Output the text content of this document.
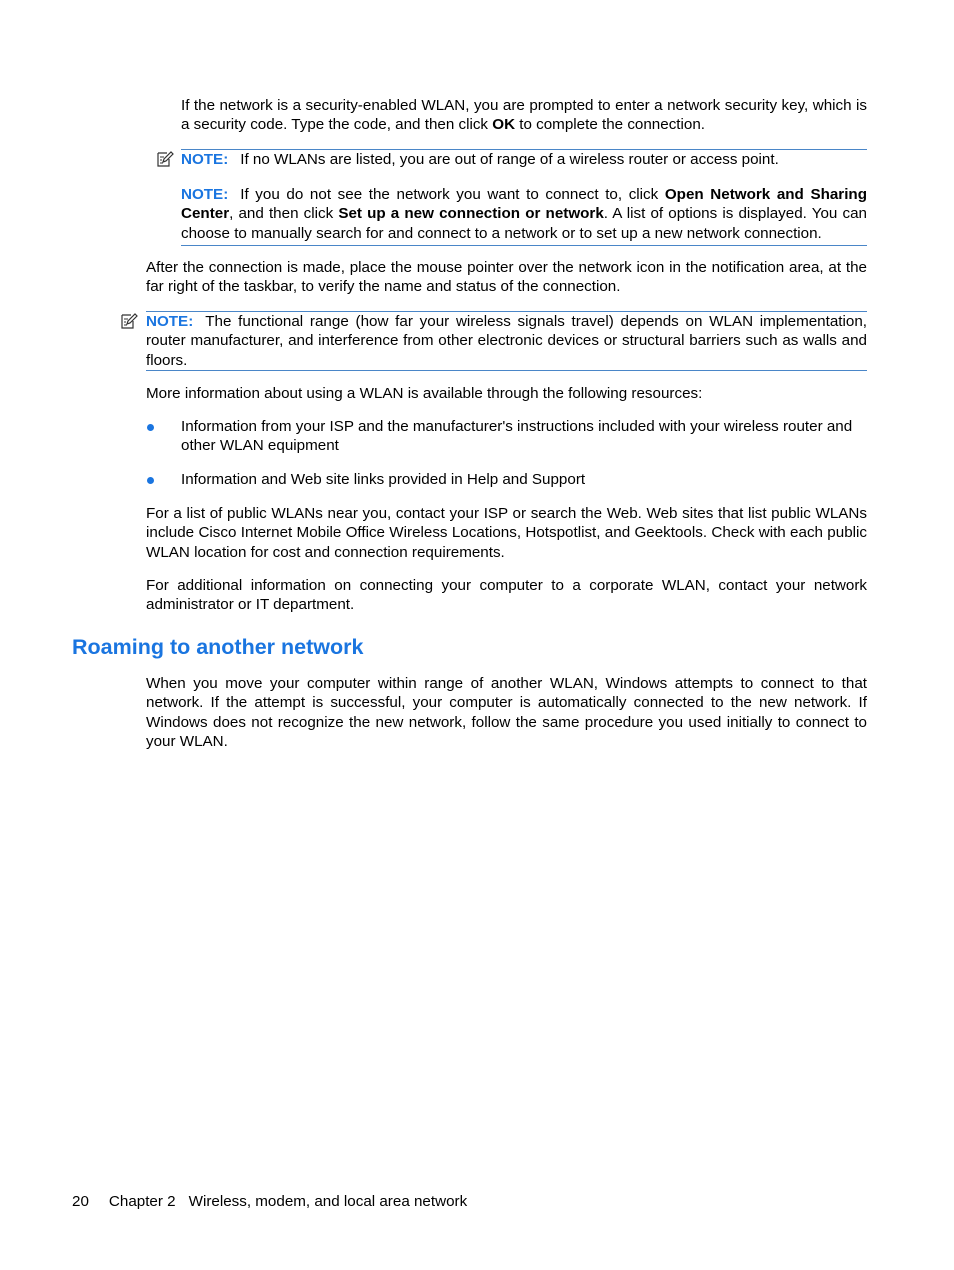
If the network is a security-enabled WLAN, you are prompted to enter a network security key, which is a security code. Type the code, and then click OK to complete the connection.

NOTE: If no WLANs are listed, you are out of range of a wireless router or access point.
NOTE: If you do not see the network you want to connect to, click Open Network and Sharing Center, and then click Set up a new connection or network. A list of options is displayed. You can choose to manually search for and connect to a network or to set up a new network connection.

After the connection is made, place the mouse pointer over the network icon in the notification area, at the far right of the taskbar, to verify the name and status of the connection.

NOTE: The functional range (how far your wireless signals travel) depends on WLAN implementation, router manufacturer, and interference from other electronic devices or structural barriers such as walls and floors.

More information about using a WLAN is available through the following resources:

Information from your ISP and the manufacturer's instructions included with your wireless router and other WLAN equipment

Information and Web site links provided in Help and Support

For a list of public WLANs near you, contact your ISP or search the Web. Web sites that list public WLANs include Cisco Internet Mobile Office Wireless Locations, Hotspotlist, and Geektools. Check with each public WLAN location for cost and connection requirements.

For additional information on connecting your computer to a corporate WLAN, contact your network administrator or IT department.

Roaming to another network

When you move your computer within range of another WLAN, Windows attempts to connect to that network. If the attempt is successful, your computer is automatically connected to the new network. If Windows does not recognize the new network, follow the same procedure you used initially to connect to your WLAN.

20 Chapter 2 Wireless, modem, and local area network
